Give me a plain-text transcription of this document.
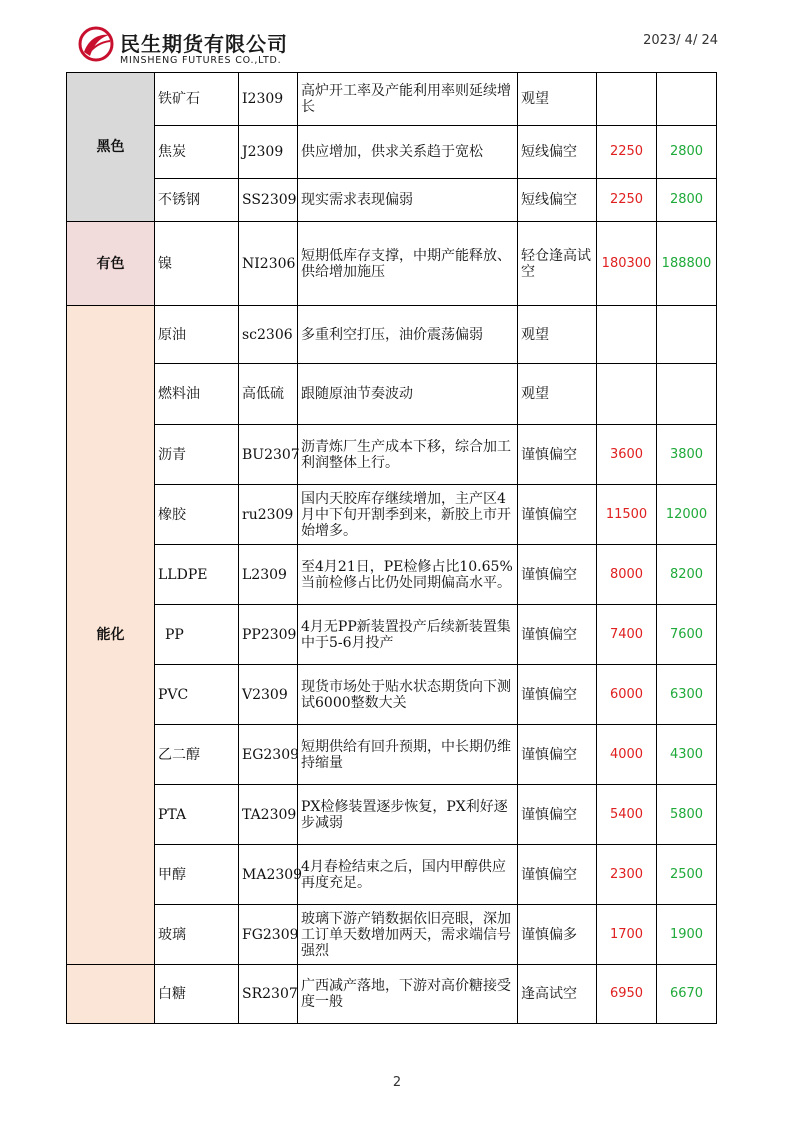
民生期货有限公司
MINSHENG FUTURES CO.,LTD.
2023/ 4/ 24
黑色	铁矿石	I2309	高炉开工率及产能利用率则延续增长	观望		
	焦炭	J2309	供应增加，供求关系趋于宽松	短线偏空	2250	2800
	不锈钢	SS2309	现实需求表现偏弱	短线偏空	2250	2800
有色	镍	NI2306	短期低库存支撑，中期产能释放、供给增加施压	轻仓逢高试空	180300	188800
能化	原油	sc2306	多重利空打压，油价震荡偏弱	观望		
	燃料油	高低硫	跟随原油节奏波动	观望		
	沥青	BU2307	沥青炼厂生产成本下移，综合加工利润整体上行。	谨慎偏空	3600	3800
	橡胶	ru2309	国内天胶库存继续增加，主产区4月中下旬开割季到来，新胶上市开始增多。	谨慎偏空	11500	12000
	LLDPE	L2309	至4月21日，PE检修占比10.65% 当前检修占比仍处同期偏高水平。	谨慎偏空	8000	8200
	PP	PP2309	4月无PP新装置投产后续新装置集中于5-6月投产	谨慎偏空	7400	7600
	PVC	V2309	现货市场处于贴水状态期货向下测试6000整数大关	谨慎偏空	6000	6300
	乙二醇	EG2309	短期供给有回升预期，中长期仍维持缩量	谨慎偏空	4000	4300
	PTA	TA2309	PX检修装置逐步恢复，PX利好逐步减弱	谨慎偏空	5400	5800
	甲醇	MA2309	4月春检结束之后，国内甲醇供应再度充足。	谨慎偏空	2300	2500
	玻璃	FG2309	玻璃下游产销数据依旧亮眼，深加工订单天数增加两天，需求端信号强烈	谨慎偏多	1700	1900
	白糖	SR2307	广西减产落地，下游对高价糖接受度一般	逢高试空	6950	6670
2
